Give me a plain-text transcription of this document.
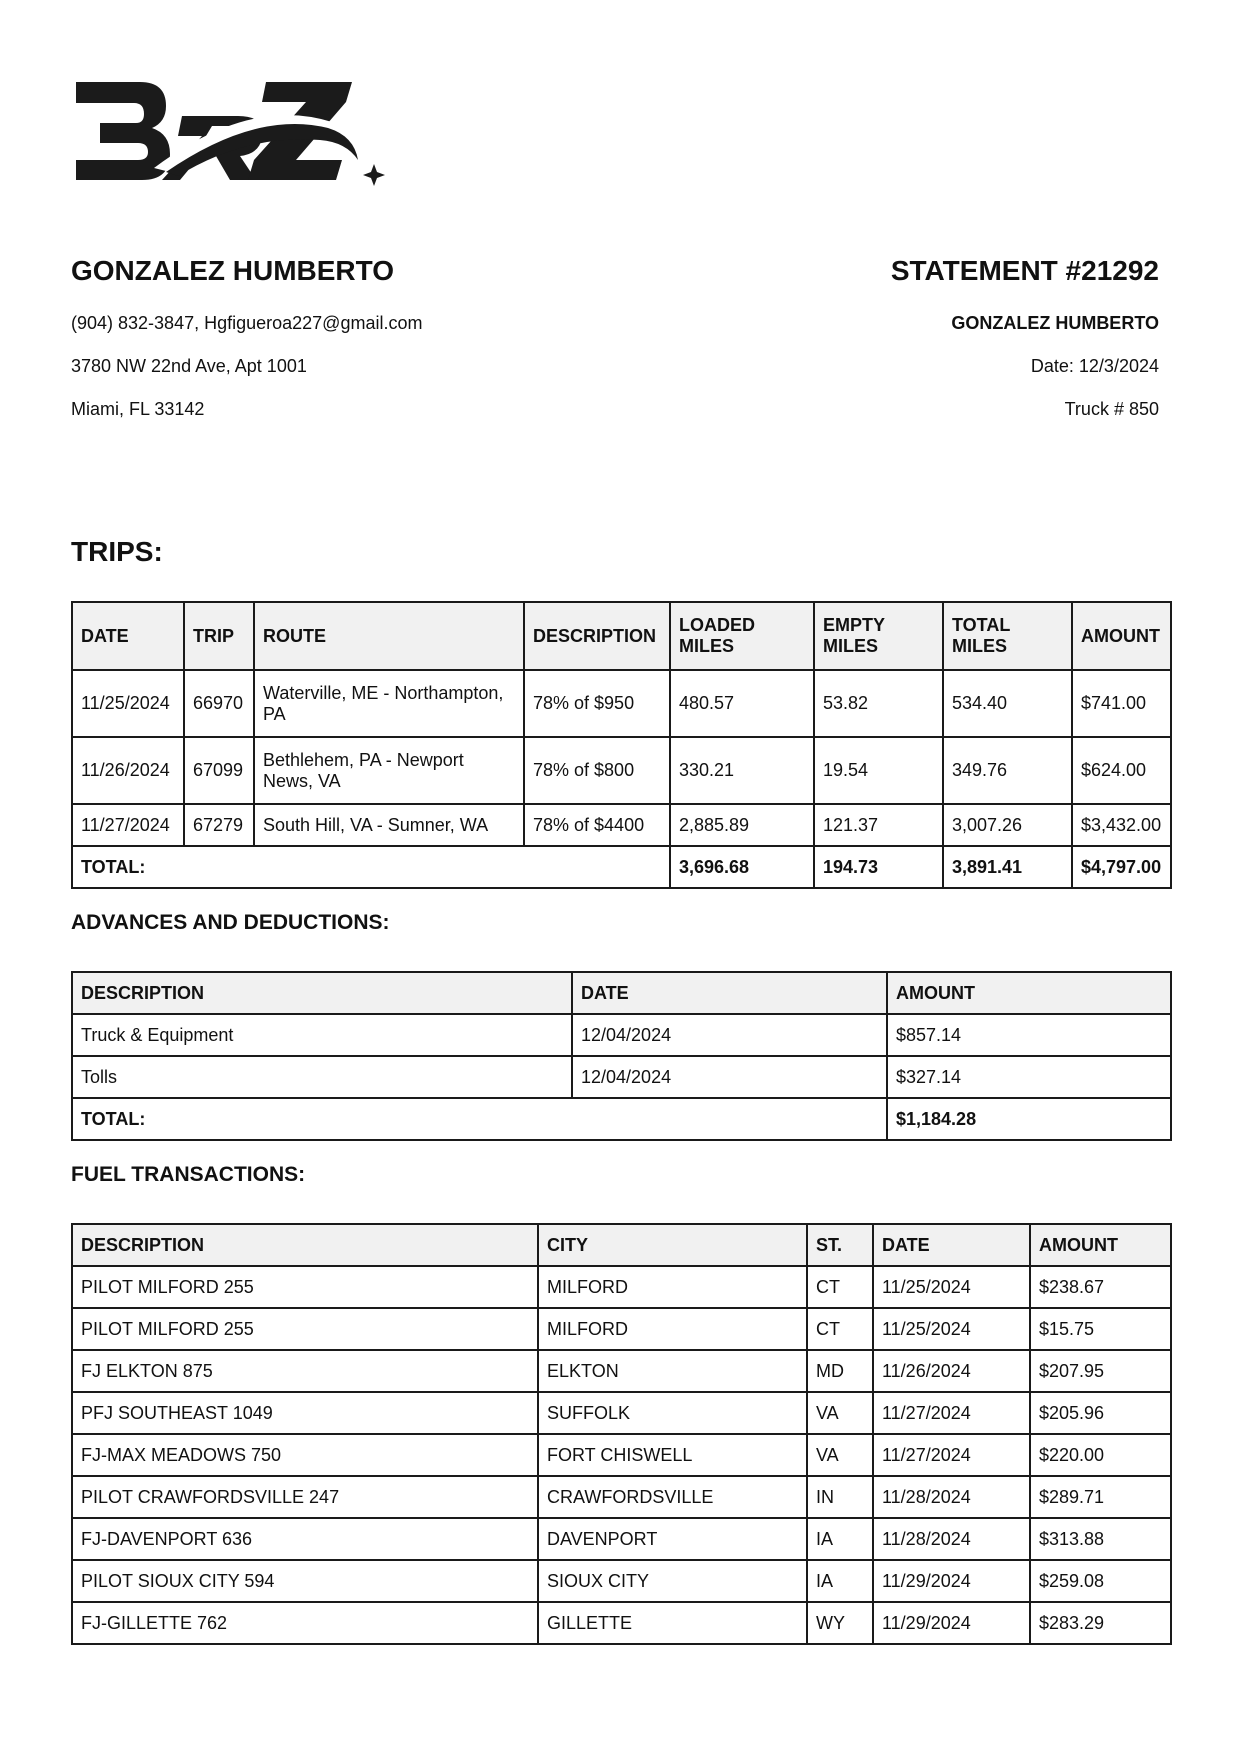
GONZALEZ HUMBERTO
(904) 832-3847, Hgfigueroa227@gmail.com
3780 NW 22nd Ave, Apt 1001
Miami, FL 33142
STATEMENT #21292
GONZALEZ HUMBERTO
Date: 12/3/2024
Truck # 850
TRIPS:
DATE	TRIP	ROUTE	DESCRIPTION	LOADED MILES	EMPTY MILES	TOTAL MILES	AMOUNT
11/25/2024	66970	Waterville, ME - Northampton, PA	78% of $950	480.57	53.82	534.40	$741.00
11/26/2024	67099	Bethlehem, PA - Newport News, VA	78% of $800	330.21	19.54	349.76	$624.00
11/27/2024	67279	South Hill, VA - Sumner, WA	78% of $4400	2,885.89	121.37	3,007.26	$3,432.00
TOTAL:				3,696.68	194.73	3,891.41	$4,797.00
ADVANCES AND DEDUCTIONS:
DESCRIPTION	DATE	AMOUNT
Truck & Equipment	12/04/2024	$857.14
Tolls	12/04/2024	$327.14
TOTAL:		$1,184.28
FUEL TRANSACTIONS:
DESCRIPTION	CITY	ST.	DATE	AMOUNT
PILOT MILFORD 255	MILFORD	CT	11/25/2024	$238.67
PILOT MILFORD 255	MILFORD	CT	11/25/2024	$15.75
FJ ELKTON 875	ELKTON	MD	11/26/2024	$207.95
PFJ SOUTHEAST 1049	SUFFOLK	VA	11/27/2024	$205.96
FJ-MAX MEADOWS 750	FORT CHISWELL	VA	11/27/2024	$220.00
PILOT CRAWFORDSVILLE 247	CRAWFORDSVILLE	IN	11/28/2024	$289.71
FJ-DAVENPORT 636	DAVENPORT	IA	11/28/2024	$313.88
PILOT SIOUX CITY 594	SIOUX CITY	IA	11/29/2024	$259.08
FJ-GILLETTE 762	GILLETTE	WY	11/29/2024	$283.29
